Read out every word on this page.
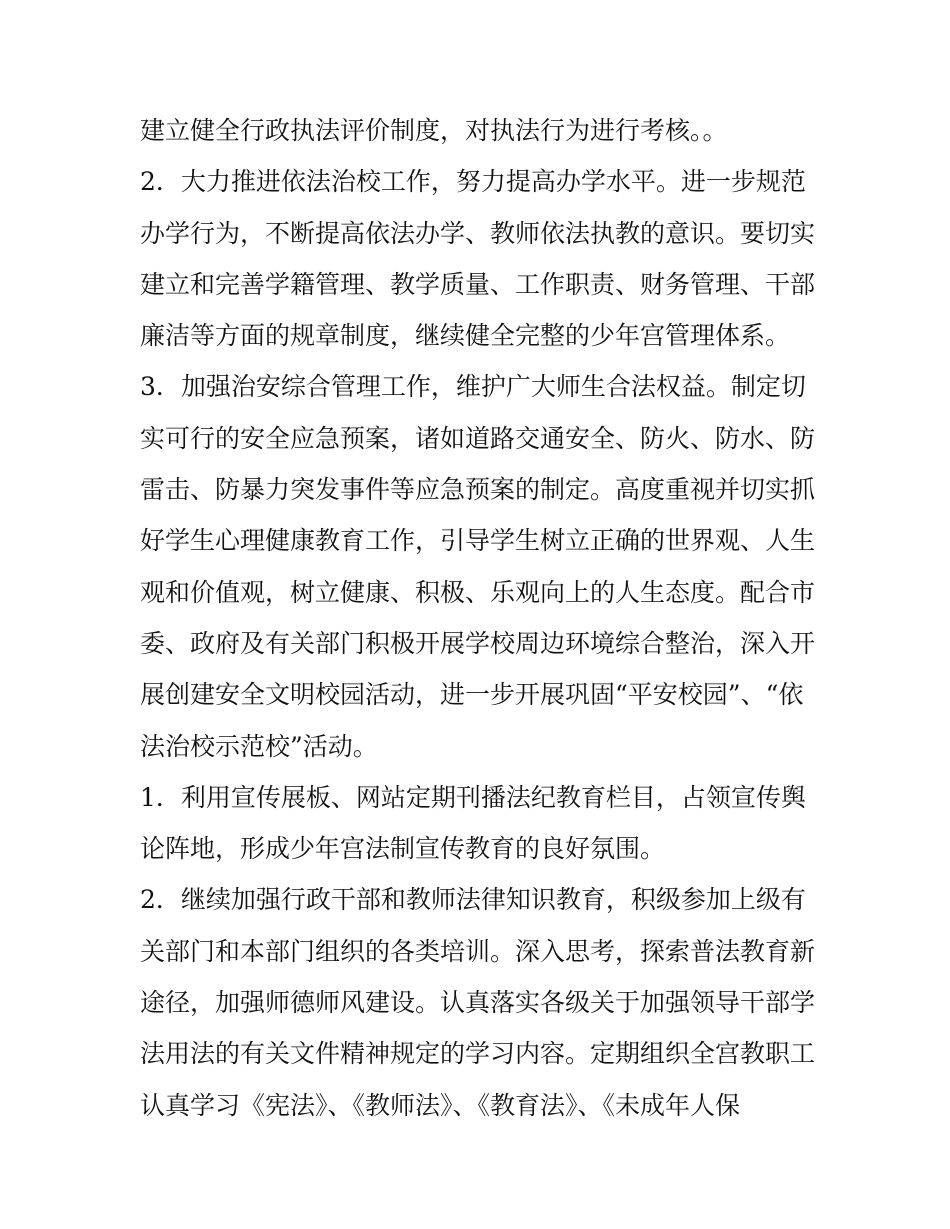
建立健全行政执法评价制度，对执法行为进行考核。。
2．大力推进依法治校工作，努力提高办学水平。进一步规范
办学行为，不断提高依法办学、教师依法执教的意识。要切实
建立和完善学籍管理、教学质量、工作职责、财务管理、干部
廉洁等方面的规章制度，继续健全完整的少年宫管理体系。
3．加强治安综合管理工作，维护广大师生合法权益。制定切
实可行的安全应急预案，诸如道路交通安全、防火、防水、防
雷击、防暴力突发事件等应急预案的制定。高度重视并切实抓
好学生心理健康教育工作，引导学生树立正确的世界观、人生
观和价值观，树立健康、积极、乐观向上的人生态度。配合市
委、政府及有关部门积极开展学校周边环境综合整治，深入开
展创建安全文明校园活动，进一步开展巩固“平安校园”、“依
法治校示范校”活动。
1．利用宣传展板、网站定期刊播法纪教育栏目，占领宣传舆
论阵地，形成少年宫法制宣传教育的良好氛围。
2．继续加强行政干部和教师法律知识教育，积级参加上级有
关部门和本部门组织的各类培训。深入思考，探索普法教育新
途径，加强师德师风建设。认真落实各级关于加强领导干部学
法用法的有关文件精神规定的学习内容。定期组织全宫教职工
认真学习《宪法》、《教师法》、《教育法》、《未成年人保
